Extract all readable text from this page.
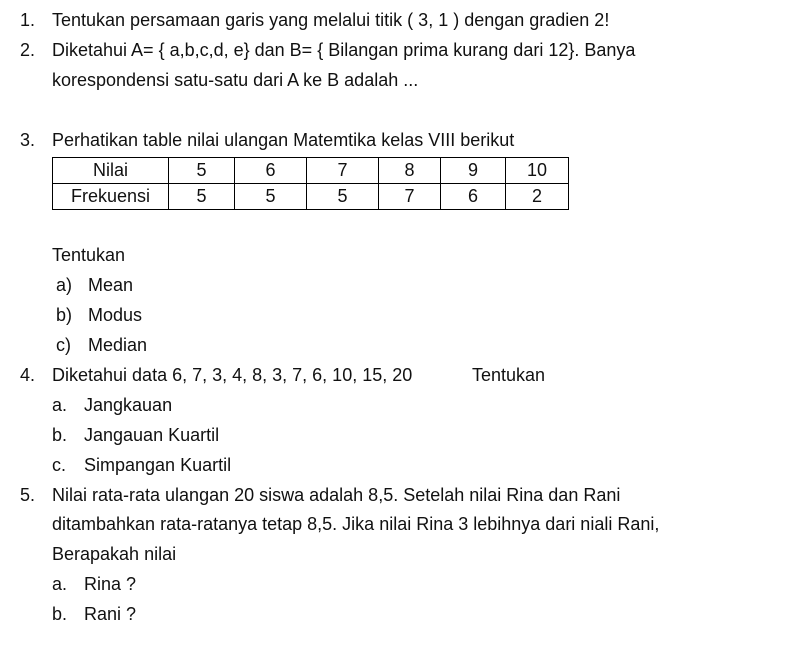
1. Tentukan persamaan garis yang melalui titik ( 3, 1 ) dengan gradien 2!
2. Diketahui A= { a,b,c,d, e} dan B= { Bilangan prima kurang dari 12}. Banya
korespondensi satu-satu dari A ke B adalah ...
3. Perhatikan table nilai ulangan Matemtika kelas VIII berikut
Nilai	5	6	7	8	9	10
Frekuensi	5	5	5	7	6	2
Tentukan
a) Mean
b) Modus
c) Median
4. Diketahui data 6, 7, 3, 4, 8, 3, 7, 6, 10, 15, 20	Tentukan
a. Jangkauan
b. Jangauan Kuartil
c. Simpangan Kuartil
5. Nilai rata-rata ulangan 20 siswa adalah 8,5. Setelah nilai Rina dan Rani
ditambahkan rata-ratanya tetap 8,5. Jika nilai Rina 3 lebihnya dari niali Rani,
Berapakah nilai
a. Rina ?
b. Rani ?
